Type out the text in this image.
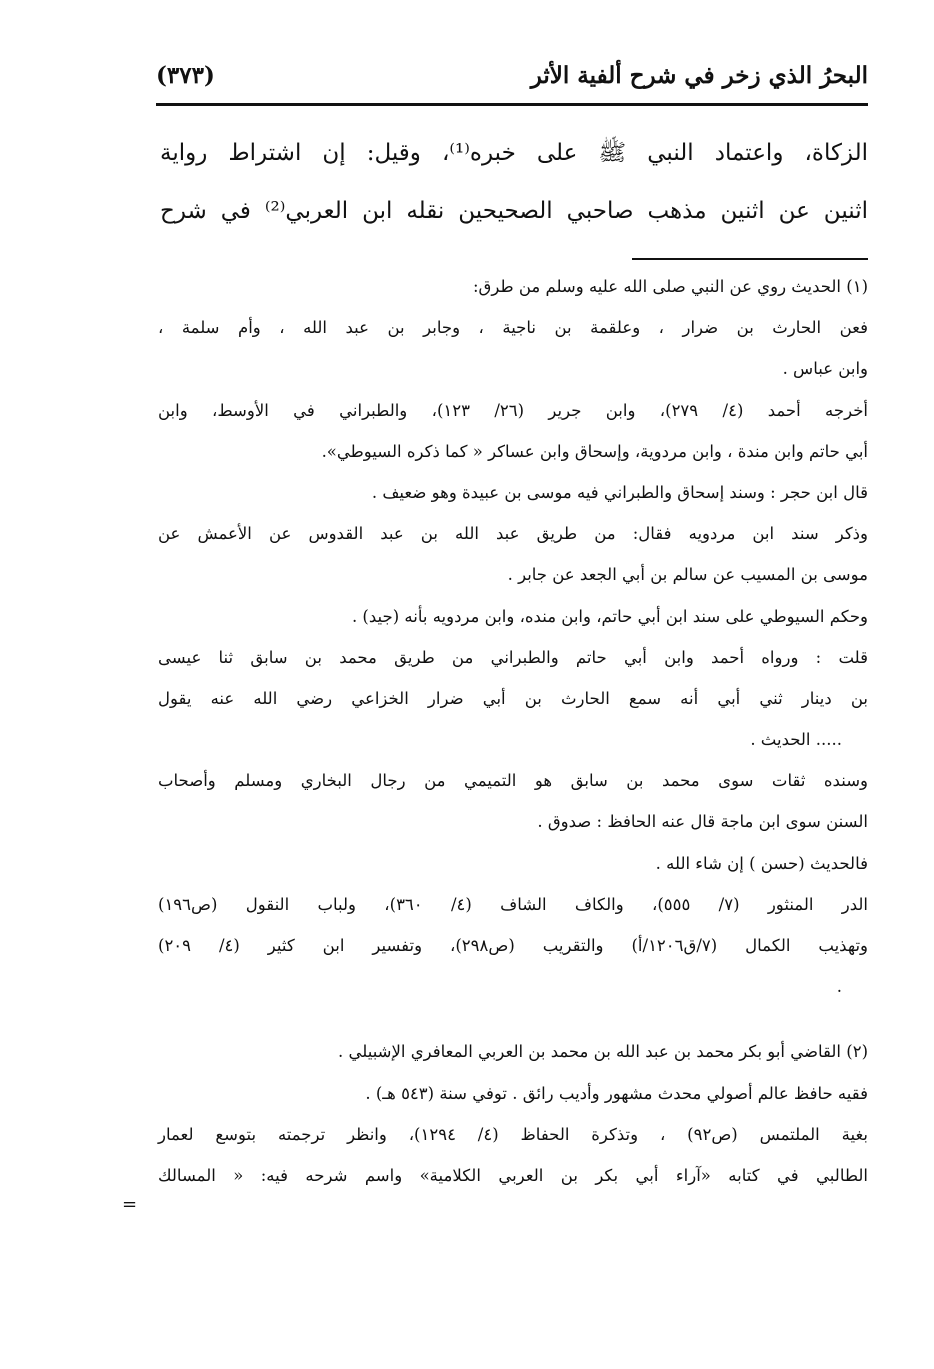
البحرُ الذي زخر في شرح ألفية الأثر
(٣٧٣)
الزكاة، واعتماد النبي ﷺ على خبره⁽¹⁾، وقيل: إن اشتراط رواية
اثنين عن اثنين مذهب صاحبي الصحيحين نقله ابن العربي⁽²⁾ في شرح
(١) الحديث روي عن النبي صلى الله عليه وسلم من طرق:
فعن الحارث بن ضرار ، وعلقمة بن ناجية ، وجابر بن عبد الله ، وأم سلمة ،
وابن عباس .
أخرجه أحمد (٤/ ٢٧٩)، وابن جرير (٢٦/ ١٢٣)، والطبراني في الأوسط، وابن
أبي حاتم وابن مندة ، وابن مردوية، وإسحاق وابن عساكر « كما ذكره السيوطي».
قال ابن حجر : وسند إسحاق والطبراني فيه موسى بن عبيدة وهو ضعيف .
وذكر سند ابن مردويه فقال: من طريق عبد الله بن عبد القدوس عن الأعمش عن
موسى بن المسيب عن سالم بن أبي الجعد عن جابر .
وحكم السيوطي على سند ابن أبي حاتم، وابن منده، وابن مردويه بأنه (جيد) .
قلت : ورواه أحمد وابن أبي حاتم والطبراني من طريق محمد بن سابق ثنا عيسى
بن دينار ثني أبي أنه سمع الحارث بن أبي ضرار الخزاعي رضي الله عنه يقول
..... الحديث .
وسنده ثقات سوى محمد بن سابق هو التميمي من رجال البخاري ومسلم وأصحاب
السنن سوى ابن ماجة قال عنه الحافظ : صدوق .
فالحديث (حسن ) إن شاء الله .
الدر المنثور (٧/ ٥٥٥)، والكاف الشاف (٤/ ٣٦٠)، ولباب النقول (ص١٩٦)
وتهذيب الكمال (٧/ق١٢٠٦/أ) والتقريب (ص٢٩٨)، وتفسير ابن كثير (٤/ ٢٠٩)
.
(٢) القاضي أبو بكر محمد بن عبد الله بن محمد بن العربي المعافري الإشبيلي .
فقيه حافظ عالم أصولي محدث مشهور وأديب رائق . توفي سنة (٥٤٣ هـ) .
بغية الملتمس (ص٩٢) ، وتذكرة الحفاظ (٤/ ١٢٩٤)، وانظر ترجمته بتوسع لعمار
الطالبي في كتابه «آراء أبي بكر بن العربي الكلامية» واسم شرحه فيه: « المسالك
=
